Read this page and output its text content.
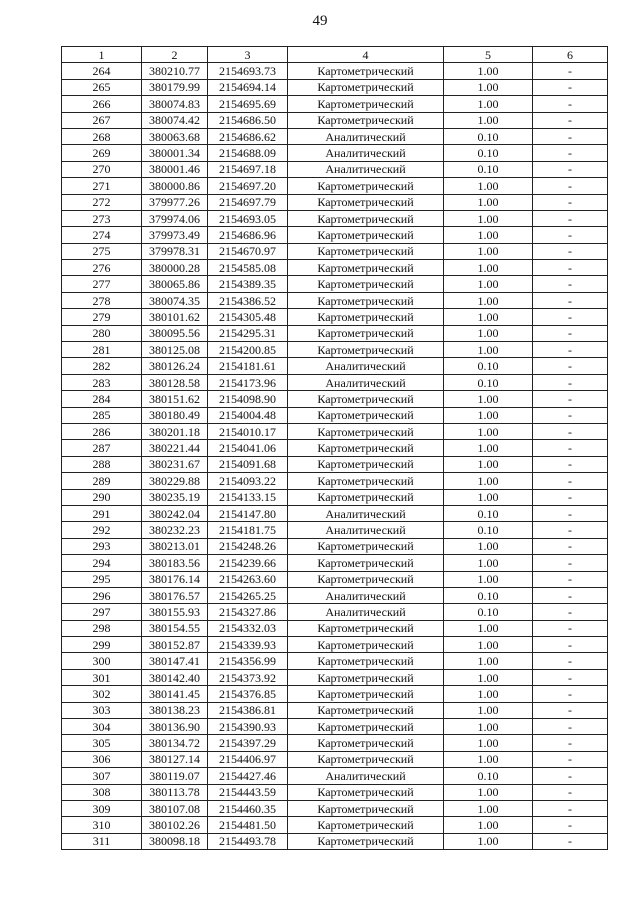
49
1	2	3	4	5	6
264	380210.77	2154693.73	Картометрический	1.00	-
265	380179.99	2154694.14	Картометрический	1.00	-
266	380074.83	2154695.69	Картометрический	1.00	-
267	380074.42	2154686.50	Картометрический	1.00	-
268	380063.68	2154686.62	Аналитический	0.10	-
269	380001.34	2154688.09	Аналитический	0.10	-
270	380001.46	2154697.18	Аналитический	0.10	-
271	380000.86	2154697.20	Картометрический	1.00	-
272	379977.26	2154697.79	Картометрический	1.00	-
273	379974.06	2154693.05	Картометрический	1.00	-
274	379973.49	2154686.96	Картометрический	1.00	-
275	379978.31	2154670.97	Картометрический	1.00	-
276	380000.28	2154585.08	Картометрический	1.00	-
277	380065.86	2154389.35	Картометрический	1.00	-
278	380074.35	2154386.52	Картометрический	1.00	-
279	380101.62	2154305.48	Картометрический	1.00	-
280	380095.56	2154295.31	Картометрический	1.00	-
281	380125.08	2154200.85	Картометрический	1.00	-
282	380126.24	2154181.61	Аналитический	0.10	-
283	380128.58	2154173.96	Аналитический	0.10	-
284	380151.62	2154098.90	Картометрический	1.00	-
285	380180.49	2154004.48	Картометрический	1.00	-
286	380201.18	2154010.17	Картометрический	1.00	-
287	380221.44	2154041.06	Картометрический	1.00	-
288	380231.67	2154091.68	Картометрический	1.00	-
289	380229.88	2154093.22	Картометрический	1.00	-
290	380235.19	2154133.15	Картометрический	1.00	-
291	380242.04	2154147.80	Аналитический	0.10	-
292	380232.23	2154181.75	Аналитический	0.10	-
293	380213.01	2154248.26	Картометрический	1.00	-
294	380183.56	2154239.66	Картометрический	1.00	-
295	380176.14	2154263.60	Картометрический	1.00	-
296	380176.57	2154265.25	Аналитический	0.10	-
297	380155.93	2154327.86	Аналитический	0.10	-
298	380154.55	2154332.03	Картометрический	1.00	-
299	380152.87	2154339.93	Картометрический	1.00	-
300	380147.41	2154356.99	Картометрический	1.00	-
301	380142.40	2154373.92	Картометрический	1.00	-
302	380141.45	2154376.85	Картометрический	1.00	-
303	380138.23	2154386.81	Картометрический	1.00	-
304	380136.90	2154390.93	Картометрический	1.00	-
305	380134.72	2154397.29	Картометрический	1.00	-
306	380127.14	2154406.97	Картометрический	1.00	-
307	380119.07	2154427.46	Аналитический	0.10	-
308	380113.78	2154443.59	Картометрический	1.00	-
309	380107.08	2154460.35	Картометрический	1.00	-
310	380102.26	2154481.50	Картометрический	1.00	-
311	380098.18	2154493.78	Картометрический	1.00	-
